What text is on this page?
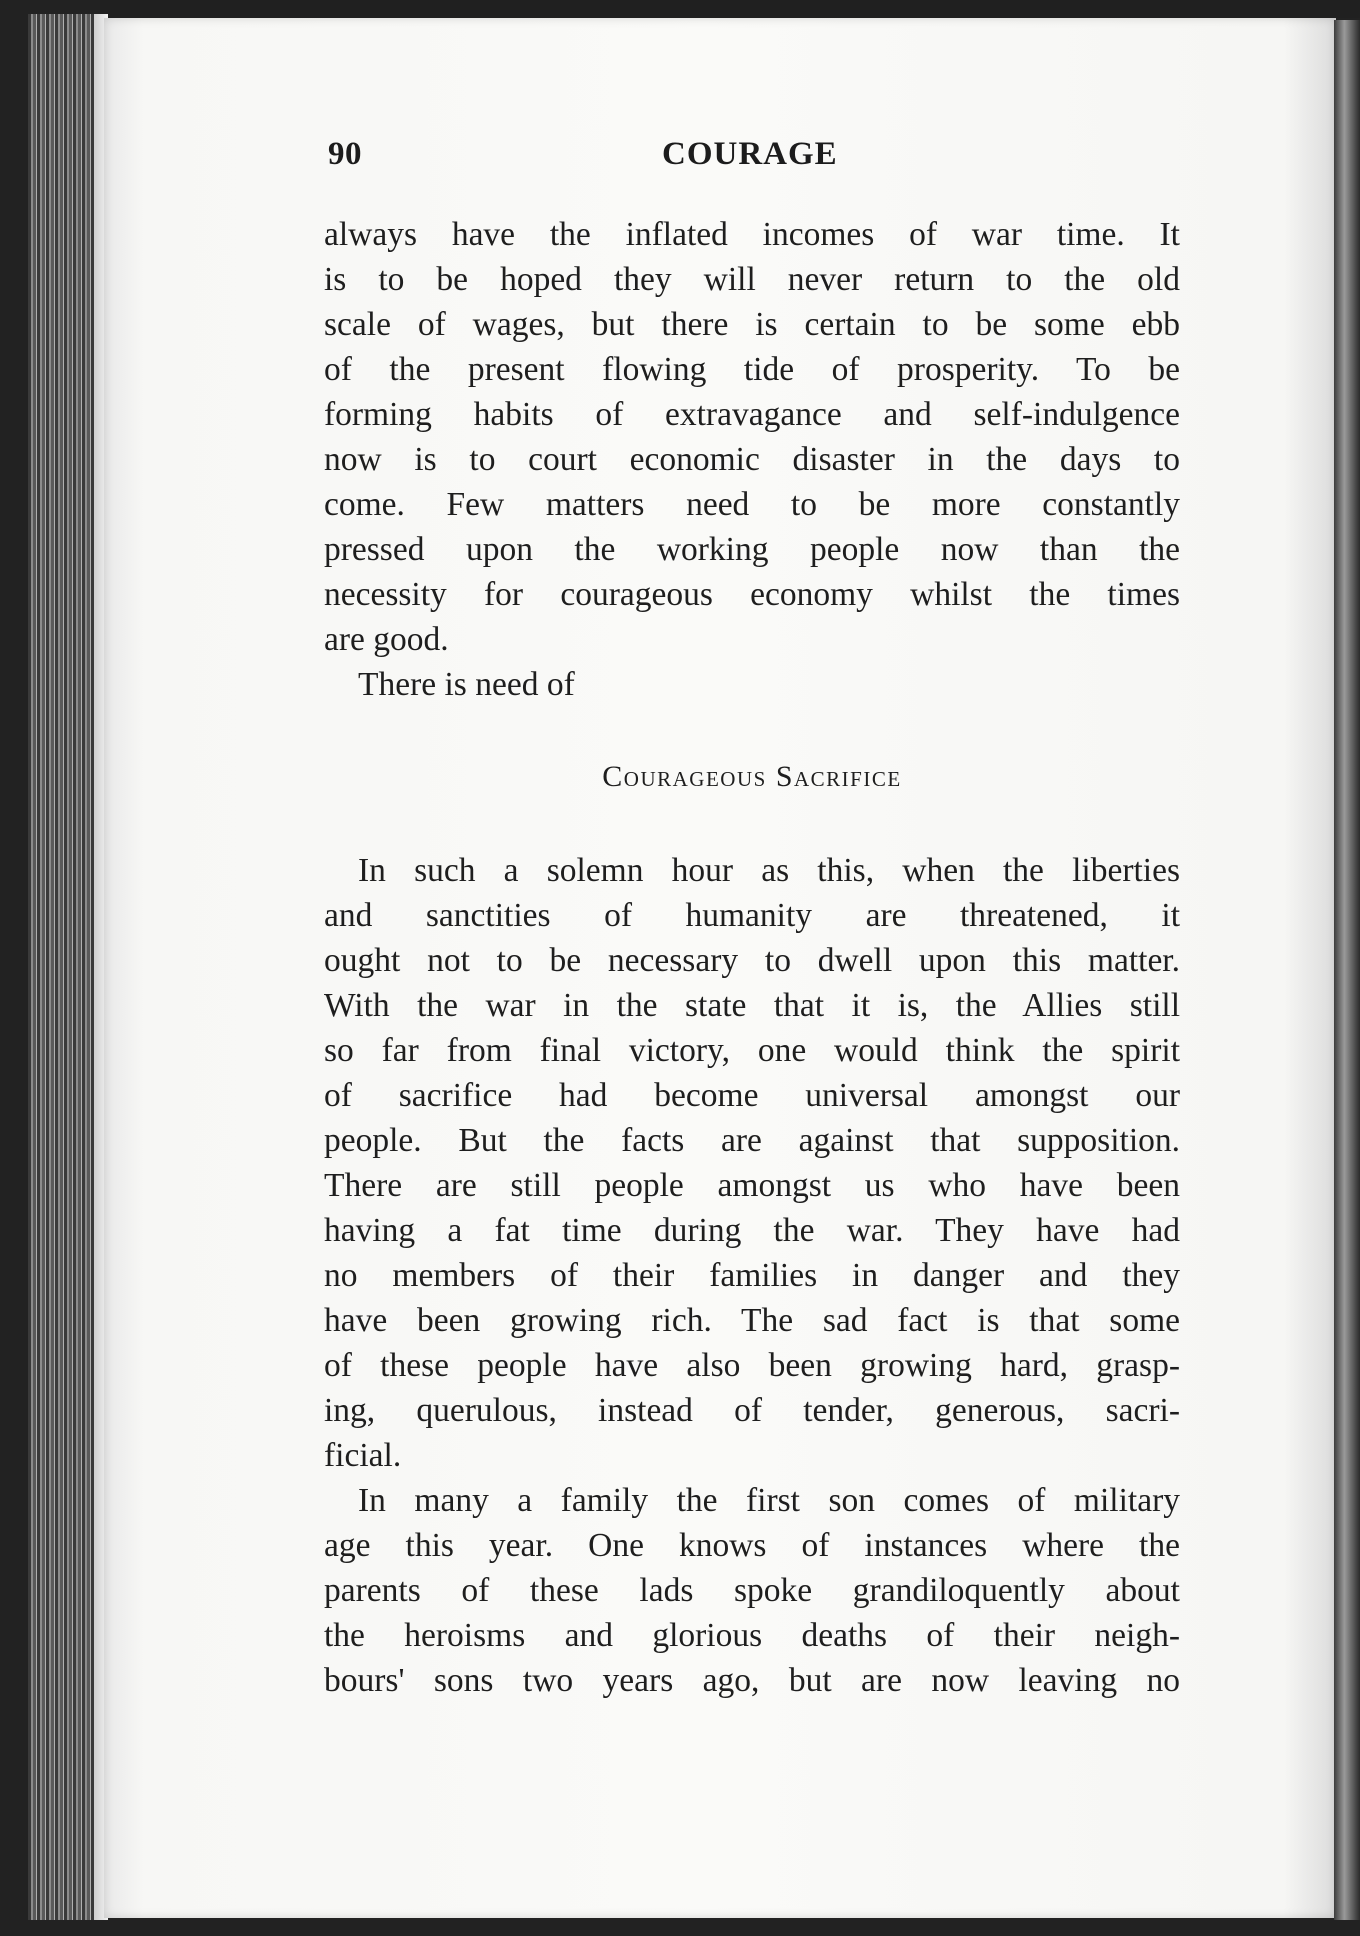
90	COURAGE
always have the inflated incomes of war time. It
is to be hoped they will never return to the old
scale of wages, but there is certain to be some ebb
of the present flowing tide of prosperity. To be
forming habits of extravagance and self-indulgence
now is to court economic disaster in the days to
come. Few matters need to be more constantly
pressed upon the working people now than the
necessity for courageous economy whilst the times
are good.
There is need of
Courageous Sacrifice
In such a solemn hour as this, when the liberties
and sanctities of humanity are threatened, it
ought not to be necessary to dwell upon this matter.
With the war in the state that it is, the Allies still
so far from final victory, one would think the spirit
of sacrifice had become universal amongst our
people. But the facts are against that supposition.
There are still people amongst us who have been
having a fat time during the war. They have had
no members of their families in danger and they
have been growing rich. The sad fact is that some
of these people have also been growing hard, grasp-
ing, querulous, instead of tender, generous, sacri-
ficial.
In many a family the first son comes of military
age this year. One knows of instances where the
parents of these lads spoke grandiloquently about
the heroisms and glorious deaths of their neigh-
bours' sons two years ago, but are now leaving no
